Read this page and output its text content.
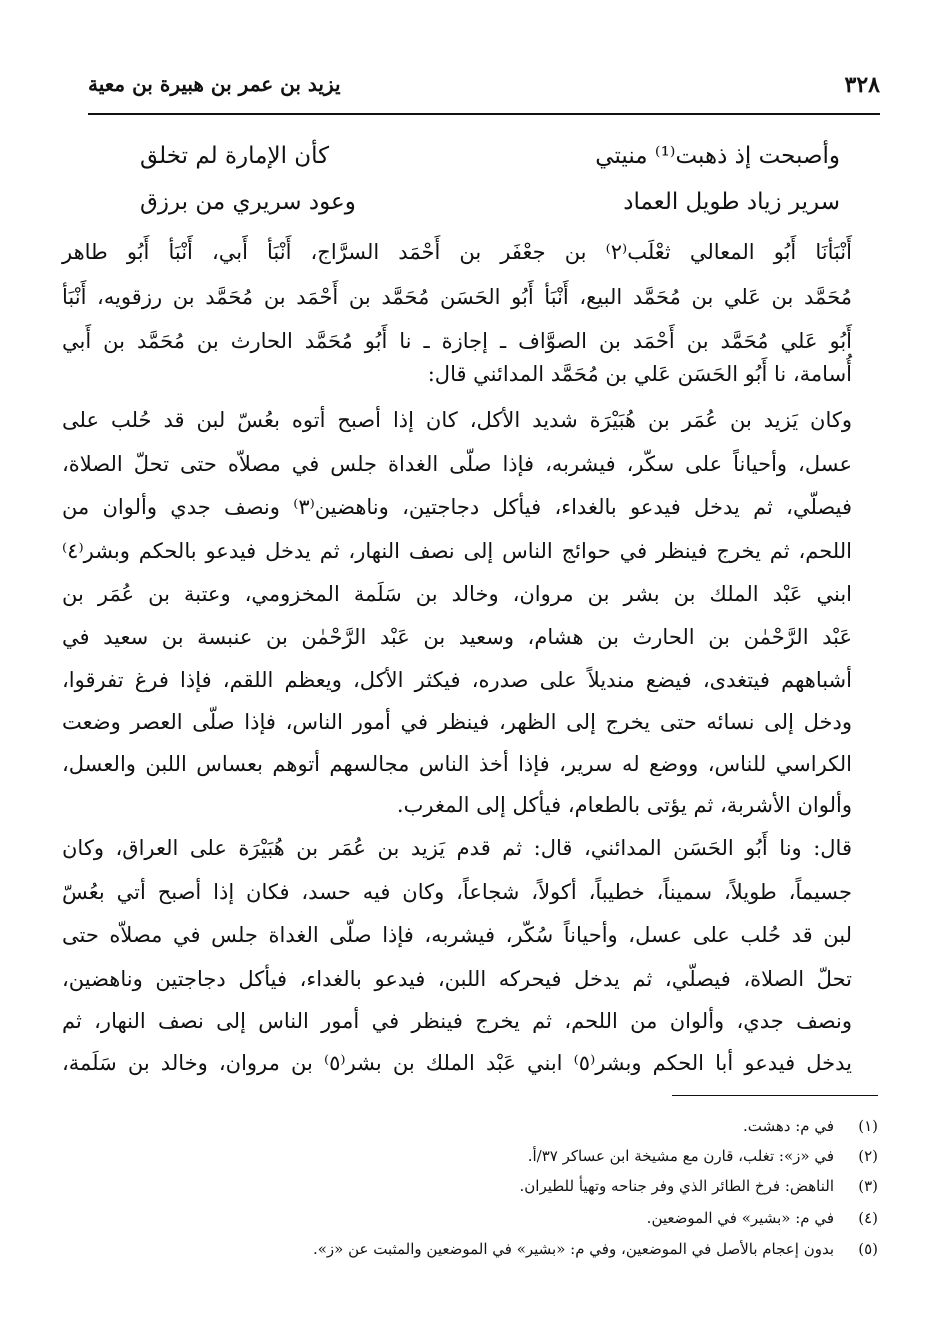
٣٢٨
يزيد بن عمر بن هبيرة بن معية
وأصبحت إذ ذهبت⁽¹⁾ منيتي
كأن الإمارة لم تخلق
سرير زياد طويل العماد
وعود سريري من برزق
أَنْبَأنَا أَبُو المعالي ثعْلَب⁽٢⁾ بن جعْفَر بن أَحْمَد السرَّاج، أَنْبَأ أَبي، أَنْبَأ أَبُو طاهر
مُحَمَّد بن عَلي بن مُحَمَّد البيع، أَنْبَأ أَبُو الحَسَن مُحَمَّد بن أَحْمَد بن مُحَمَّد بن رزقويه، أَنْبَأ
أَبُو عَلي مُحَمَّد بن أَحْمَد بن الصوَّاف ـ إجازة ـ نا أَبُو مُحَمَّد الحارث بن مُحَمَّد بن أَبي
أُسامة، نا أَبُو الحَسَن عَلي بن مُحَمَّد المدائني قال:
وكان يَزيد بن عُمَر بن هُبَيْرَة شديد الأكل، كان إذا أصبح أتوه بعُسّ لبن قد حُلب على
عسل، وأحياناً على سكّر، فيشربه، فإذا صلّى الغداة جلس في مصلاّه حتى تحلّ الصلاة،
فيصلّي، ثم يدخل فيدعو بالغداء، فيأكل دجاجتين، وناهضين⁽٣⁾ ونصف جدي وألوان من
اللحم، ثم يخرج فينظر في حوائج الناس إلى نصف النهار، ثم يدخل فيدعو بالحكم وبشر⁽٤⁾
ابني عَبْد الملك بن بشر بن مروان، وخالد بن سَلَمة المخزومي، وعتبة بن عُمَر بن
عَبْد الرَّحْمٰن بن الحارث بن هشام، وسعيد بن عَبْد الرَّحْمٰن بن عنبسة بن سعيد في
أشباههم فيتغدى، فيضع منديلاً على صدره، فيكثر الأكل، ويعظم اللقم، فإذا فرغ تفرقوا،
ودخل إلى نسائه حتى يخرج إلى الظهر، فينظر في أمور الناس، فإذا صلّى العصر وضعت
الكراسي للناس، ووضع له سرير، فإذا أخذ الناس مجالسهم أتوهم بعساس اللبن والعسل،
وألوان الأشربة، ثم يؤتى بالطعام، فيأكل إلى المغرب.
قال: ونا أَبُو الحَسَن المدائني، قال: ثم قدم يَزيد بن عُمَر بن هُبَيْرَة على العراق، وكان
جسيماً، طويلاً، سميناً، خطيباً، أكولاً، شجاعاً، وكان فيه حسد، فكان إذا أصبح أتي بعُسّ
لبن قد حُلب على عسل، وأحياناً سُكّر، فيشربه، فإذا صلّى الغداة جلس في مصلاّه حتى
تحلّ الصلاة، فيصلّي، ثم يدخل فيحركه اللبن، فيدعو بالغداء، فيأكل دجاجتين وناهضين،
ونصف جدي، وألوان من اللحم، ثم يخرج فينظر في أمور الناس إلى نصف النهار، ثم
يدخل فيدعو أبا الحكم وبشر⁽٥⁾ ابني عَبْد الملك بن بشر⁽٥⁾ بن مروان، وخالد بن سَلَمة،
(١)في م: دهشت.
(٢)في «ز»: تغلب، قارن مع مشيخة ابن عساكر ٣٧/أ.
(٣)الناهض: فرخ الطائر الذي وفر جناحه وتهيأ للطيران.
(٤)في م: «بشير» في الموضعين.
(٥)بدون إعجام بالأصل في الموضعين، وفي م: «بشير» في الموضعين والمثبت عن «ز».
